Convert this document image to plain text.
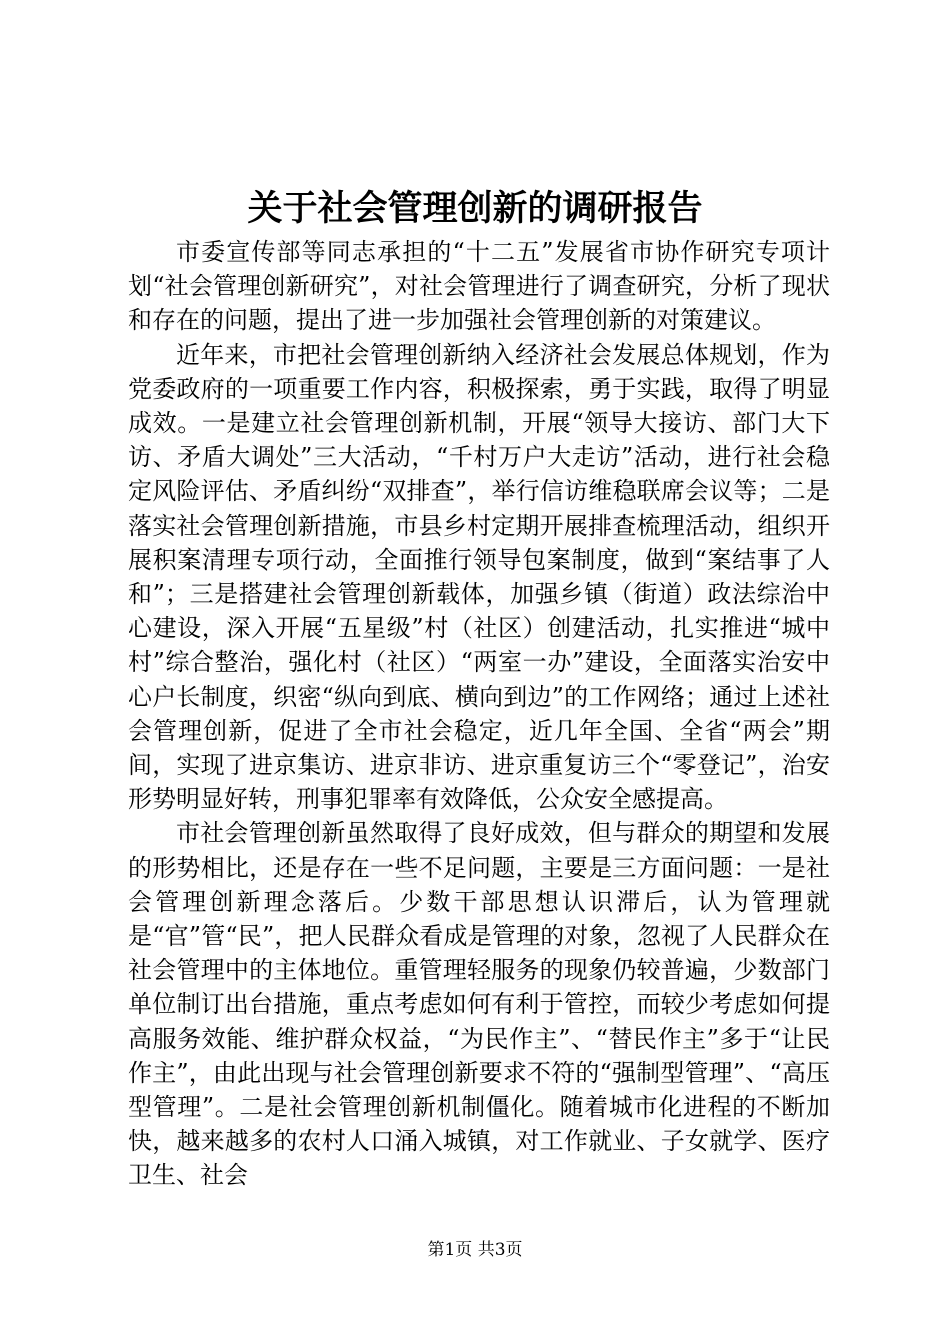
关于社会管理创新的调研报告

市委宣传部等同志承担的“十二五”发展省市协作研究专项计划“社会管理创新研究”，对社会管理进行了调查研究，分析了现状和存在的问题，提出了进一步加强社会管理创新的对策建议。

近年来，市把社会管理创新纳入经济社会发展总体规划，作为党委政府的一项重要工作内容，积极探索，勇于实践，取得了明显成效。一是建立社会管理创新机制，开展“领导大接访、部门大下访、矛盾大调处”三大活动，“千村万户大走访”活动，进行社会稳定风险评估、矛盾纠纷“双排查”，举行信访维稳联席会议等；二是落实社会管理创新措施，市县乡村定期开展排查梳理活动，组织开展积案清理专项行动，全面推行领导包案制度，做到“案结事了人和”；三是搭建社会管理创新载体，加强乡镇（街道）政法综治中心建设，深入开展“五星级”村（社区）创建活动，扎实推进“城中村”综合整治，强化村（社区）“两室一办”建设，全面落实治安中心户长制度，织密“纵向到底、横向到边”的工作网络；通过上述社会管理创新，促进了全市社会稳定，近几年全国、全省“两会”期间，实现了进京集访、进京非访、进京重复访三个“零登记”，治安形势明显好转，刑事犯罪率有效降低，公众安全感提高。

市社会管理创新虽然取得了良好成效，但与群众的期望和发展的形势相比，还是存在一些不足问题，主要是三方面问题：一是社会管理创新理念落后。少数干部思想认识滞后，认为管理就是“官”管“民”，把人民群众看成是管理的对象，忽视了人民群众在社会管理中的主体地位。重管理轻服务的现象仍较普遍，少数部门单位制订出台措施，重点考虑如何有利于管控，而较少考虑如何提高服务效能、维护群众权益，“为民作主”、“替民作主”多于“让民作主”，由此出现与社会管理创新要求不符的“强制型管理”、“高压型管理”。二是社会管理创新机制僵化。随着城市化进程的不断加快，越来越多的农村人口涌入城镇，对工作就业、子女就学、医疗卫生、社会

第1页 共3页
